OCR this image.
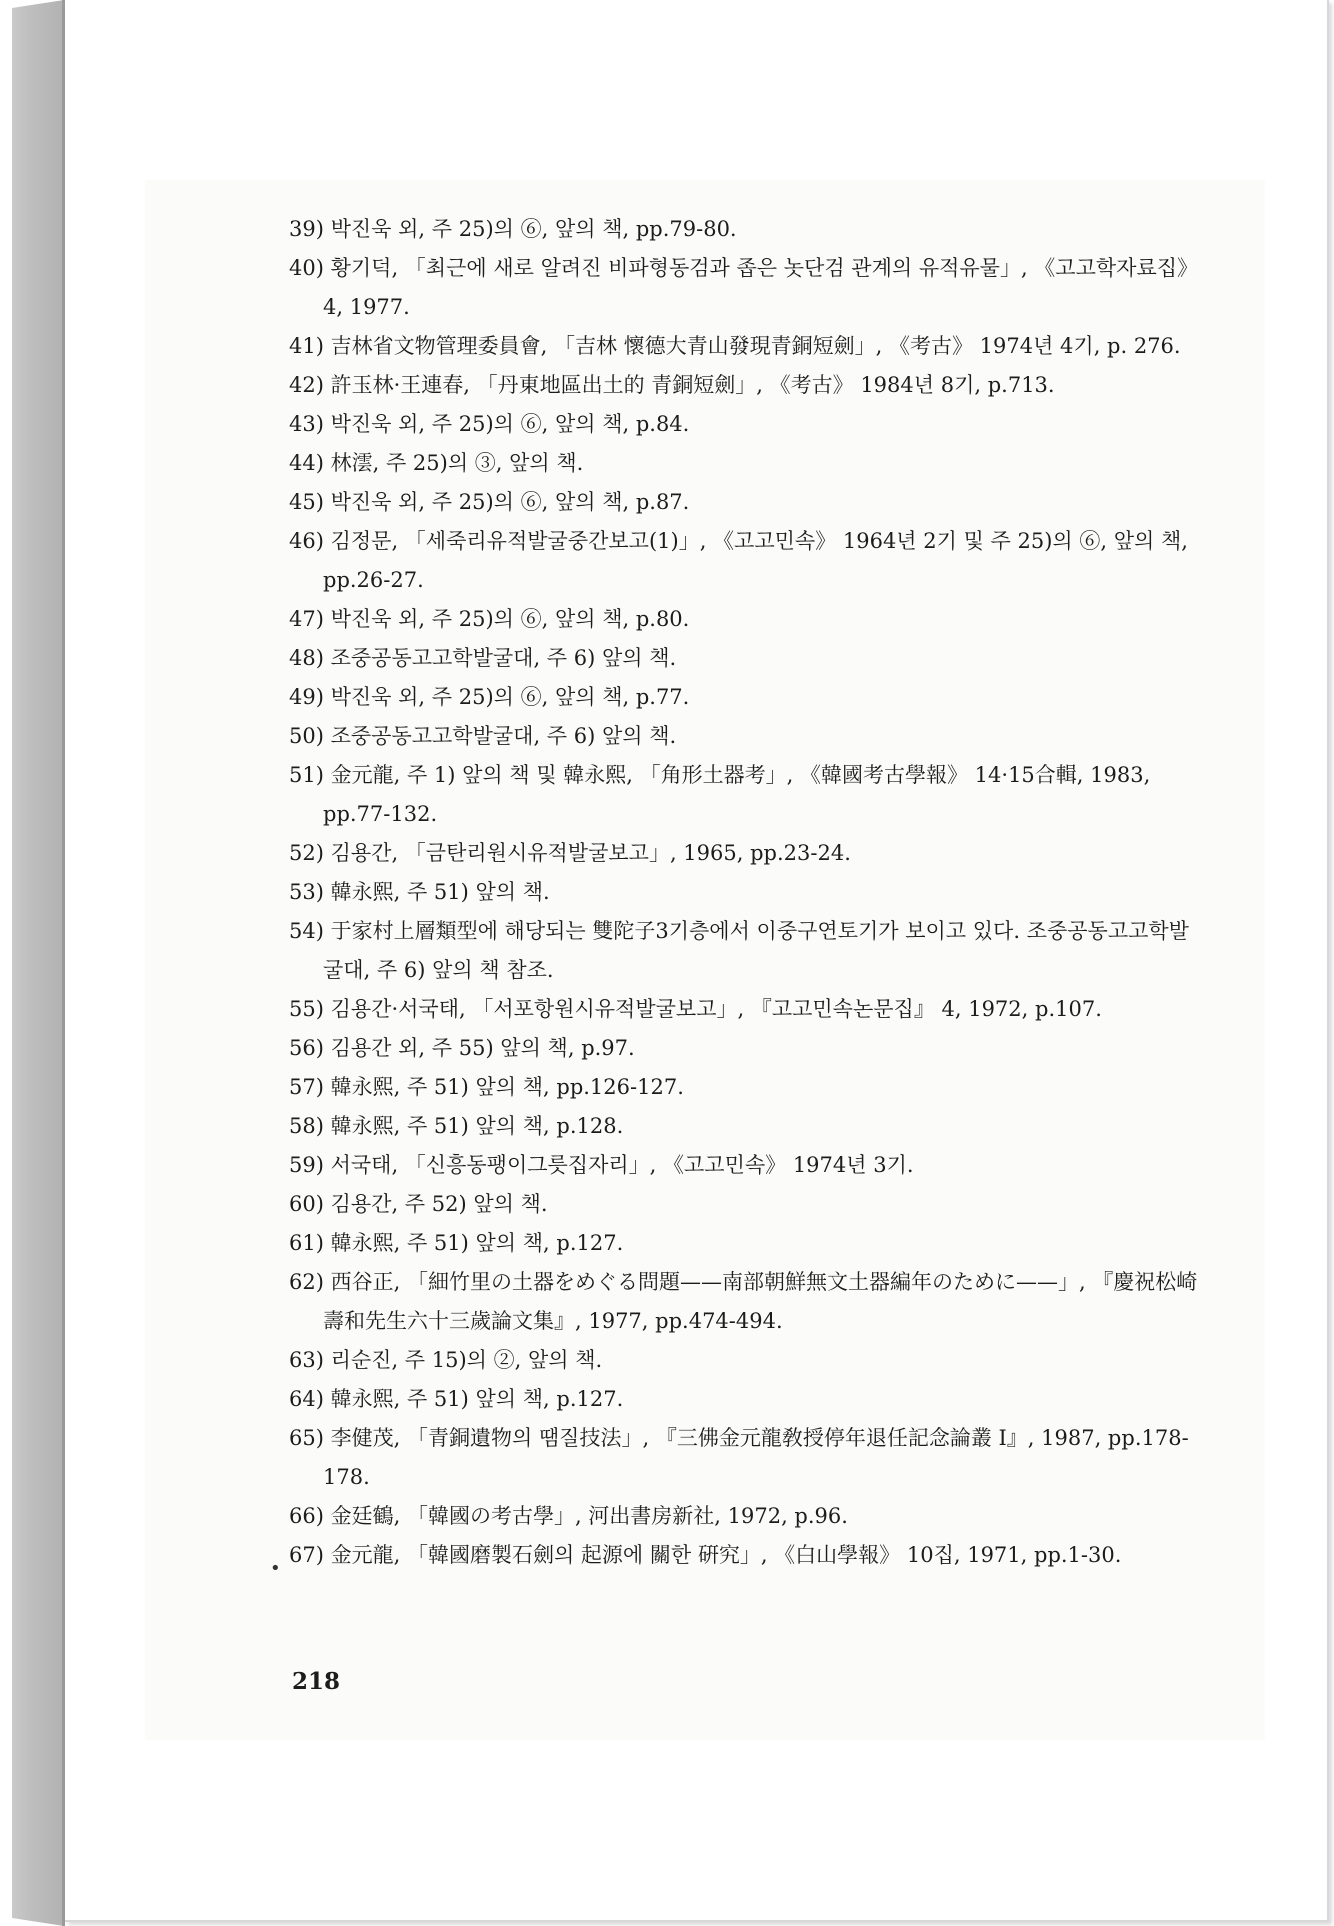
39) 박진욱 외, 주 25)의 ⑥, 앞의 책, pp.79-80.
40) 황기덕, 「최근에 새로 알려진 비파형동검과 좁은 놋단검 관계의 유적유물」, 《고고학자료집》4, 1977.
41) 吉林省文物管理委員會, 「吉林 懷德大青山發現青銅短劍」, 《考古》 1974년 4기, p. 276.
42) 許玉林·王連春, 「丹東地區出土的 青銅短劍」, 《考古》 1984년 8기, p.713.
43) 박진욱 외, 주 25)의 ⑥, 앞의 책, p.84.
44) 林澐, 주 25)의 ③, 앞의 책.
45) 박진욱 외, 주 25)의 ⑥, 앞의 책, p.87.
46) 김정문, 「세죽리유적발굴중간보고(1)」, 《고고민속》 1964년 2기 및 주 25)의 ⑥, 앞의 책, pp.26-27.
47) 박진욱 외, 주 25)의 ⑥, 앞의 책, p.80.
48) 조중공동고고학발굴대, 주 6) 앞의 책.
49) 박진욱 외, 주 25)의 ⑥, 앞의 책, p.77.
50) 조중공동고고학발굴대, 주 6) 앞의 책.
51) 金元龍, 주 1) 앞의 책 및 韓永熙, 「角形土器考」, 《韓國考古學報》 14·15合輯, 1983, pp.77-132.
52) 김용간, 「금탄리원시유적발굴보고」, 1965, pp.23-24.
53) 韓永熙, 주 51) 앞의 책.
54) 于家村上層類型에 해당되는 雙陀子3기층에서 이중구연토기가 보이고 있다. 조중공동고고학발굴대, 주 6) 앞의 책 참조.
55) 김용간·서국태, 「서포항원시유적발굴보고」, 『고고민속논문집』 4, 1972, p.107.
56) 김용간 외, 주 55) 앞의 책, p.97.
57) 韓永熙, 주 51) 앞의 책, pp.126-127.
58) 韓永熙, 주 51) 앞의 책, p.128.
59) 서국태, 「신흥동팽이그릇집자리」, 《고고민속》 1974년 3기.
60) 김용간, 주 52) 앞의 책.
61) 韓永熙, 주 51) 앞의 책, p.127.
62) 西谷正, 「細竹里の土器をめぐる問題——南部朝鮮無文土器編年のために——」, 『慶祝松崎壽和先生六十三歲論文集』, 1977, pp.474-494.
63) 리순진, 주 15)의 ②, 앞의 책.
64) 韓永熙, 주 51) 앞의 책, p.127.
65) 李健茂, 「青銅遺物의 땜질技法」, 『三佛金元龍敎授停年退任記念論叢 Ⅰ』, 1987, pp.178-178.
66) 金廷鶴, 「韓國の考古學」, 河出書房新社, 1972, p.96.
67) 金元龍, 「韓國磨製石劍의 起源에 關한 硏究」, 《白山學報》 10집, 1971, pp.1-30.
•
218
